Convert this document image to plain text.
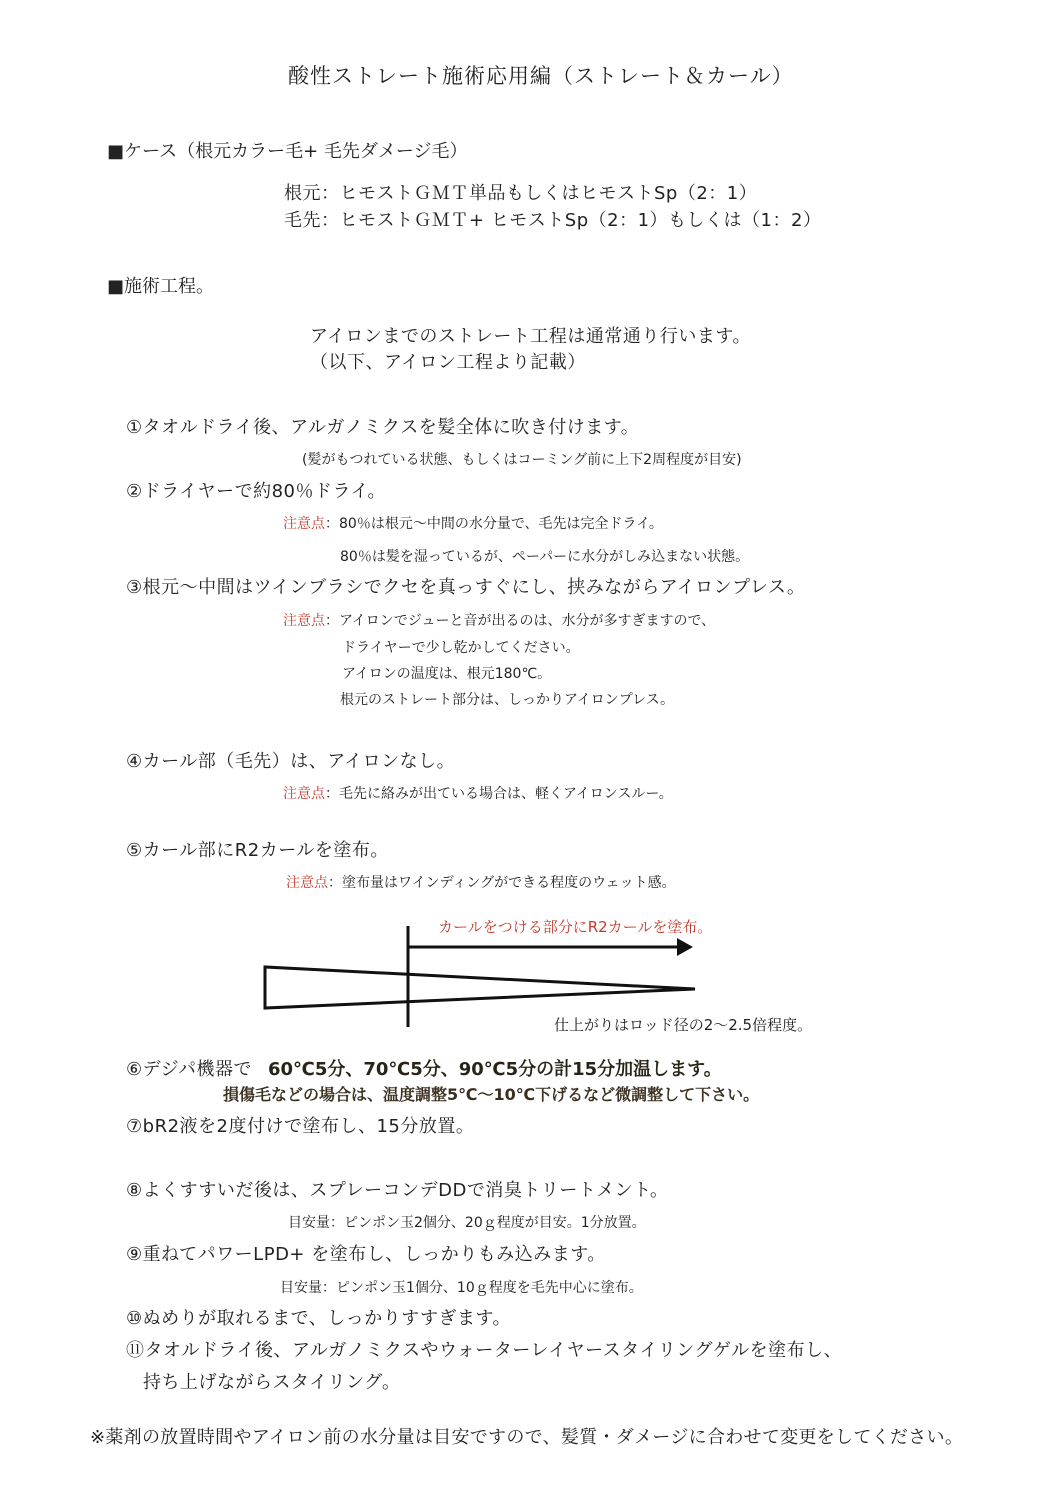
酸性ストレート施術応用編（ストレート＆カール）
■ケース（根元カラー毛+ 毛先ダメージ毛）
根元：ヒモストＧＭＴ単品もしくはヒモストSp（2：1）
毛先：ヒモストＧＭＴ+ ヒモストSp（2：1）もしくは（1：2）
■施術工程。
アイロンまでのストレート工程は通常通り行います。
（以下、アイロン工程より記載）
①タオルドライ後、アルガノミクスを髪全体に吹き付けます。
(髪がもつれている状態、もしくはコーミング前に上下2周程度が目安)
②ドライヤーで約80％ドライ。
注意点：80％は根元〜中間の水分量で、毛先は完全ドライ。
80％は髪を湿っているが、ペーパーに水分がしみ込まない状態。
③根元〜中間はツインブラシでクセを真っすぐにし、挟みながらアイロンプレス。
注意点：アイロンでジューと音が出るのは、水分が多すぎますので、
ドライヤーで少し乾かしてください。
アイロンの温度は、根元180℃。
根元のストレート部分は、しっかりアイロンプレス。
④カール部（毛先）は、アイロンなし。
注意点：毛先に絡みが出ている場合は、軽くアイロンスルー。
⑤カール部にR2カールを塗布。
注意点：塗布量はワインディングができる程度のウェット感。
カールをつける部分にR2カールを塗布。
仕上がりはロッド径の2〜2.5倍程度。
⑥デジパ機器で 60℃5分、70℃5分、90℃5分の計15分加温します。
損傷毛などの場合は、温度調整5℃～10℃下げるなど微調整して下さい。
⑦bR2液を2度付けで塗布し、15分放置。
⑧よくすすいだ後は、スプレーコンデDDで消臭トリートメント。
目安量：ピンポン玉2個分、20ｇ程度が目安。1分放置。
⑨重ねてパワーLPD+ を塗布し、しっかりもみ込みます。
目安量：ピンポン玉1個分、10ｇ程度を毛先中心に塗布。
⑩ぬめりが取れるまで、しっかりすすぎます。
⑪タオルドライ後、アルガノミクスやウォーターレイヤースタイリングゲルを塗布し、
持ち上げながらスタイリング。
※薬剤の放置時間やアイロン前の水分量は目安ですので、髪質・ダメージに合わせて変更をしてください。
